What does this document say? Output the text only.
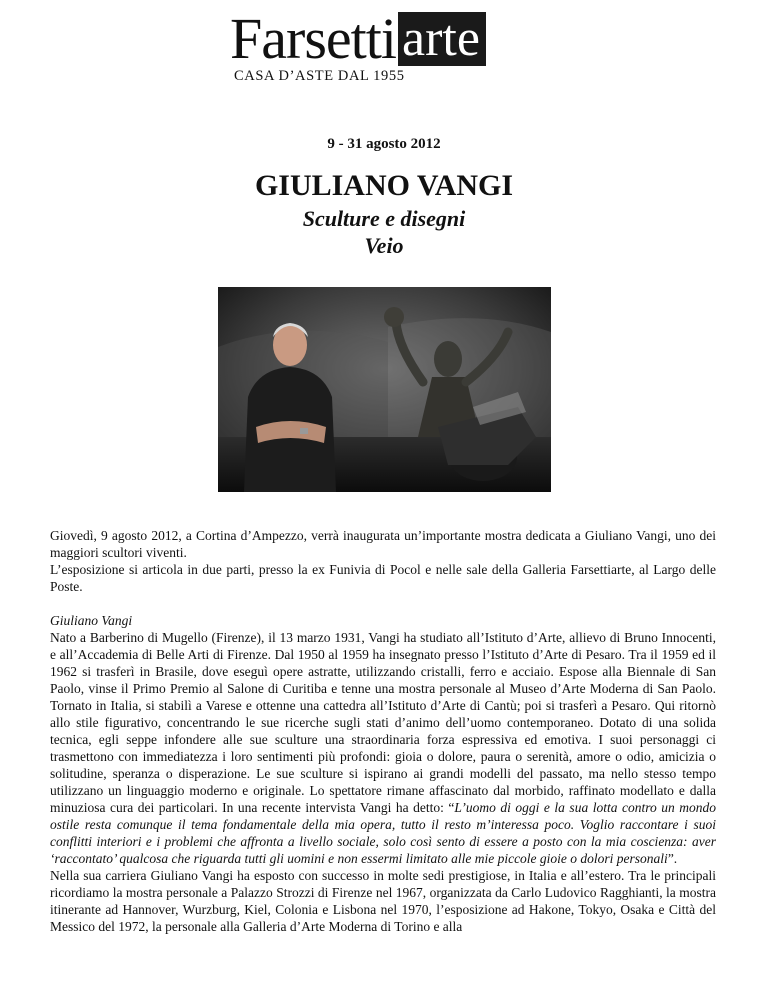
Farsetti arte
CASA D’ASTE DAL 1955
9 - 31 agosto 2012
GIULIANO VANGI
Sculture e disegni
Veio

Giovedì, 9 agosto 2012, a Cortina d’Ampezzo, verrà inaugurata un’importante mostra dedicata a Giuliano Vangi, uno dei maggiori scultori viventi.

L’esposizione si articola in due parti, presso la ex Funivia di Pocol e nelle sale della Galleria Farsettiarte, al Largo delle Poste.

Giuliano Vangi

Nato a Barberino di Mugello (Firenze), il 13 marzo 1931, Vangi ha studiato all’Istituto d’Arte, allievo di Bruno Innocenti, e all’Accademia di Belle Arti di Firenze. Dal 1950 al 1959 ha insegnato presso l’Istituto d’Arte di Pesaro. Tra il 1959 ed il 1962 si trasferì in Brasile, dove eseguì opere astratte, utilizzando cristalli, ferro e acciaio. Espose alla Biennale di San Paolo, vinse il Primo Premio al Salone di Curitiba e tenne una mostra personale al Museo d’Arte Moderna di San Paolo. Tornato in Italia, si stabilì a Varese e ottenne una cattedra all’Istituto d’Arte di Cantù; poi si trasferì a Pesaro. Qui ritornò allo stile figurativo, concentrando le sue ricerche sugli stati d’animo dell’uomo contemporaneo. Dotato di una solida tecnica, egli seppe infondere alle sue sculture una straordinaria forza espressiva ed emotiva. I suoi personaggi ci trasmettono con immediatezza i loro sentimenti più profondi: gioia o dolore, paura o serenità, amore o odio, amicizia o solitudine, speranza o disperazione. Le sue sculture si ispirano ai grandi modelli del passato, ma nello stesso tempo utilizzano un linguaggio moderno e originale. Lo spettatore rimane affascinato dal morbido, raffinato modellato e dalla minuziosa cura dei particolari. In una recente intervista Vangi ha detto: “L’uomo di oggi e la sua lotta contro un mondo ostile resta comunque il tema fondamentale della mia opera, tutto il resto m’interessa poco. Voglio raccontare i suoi conflitti interiori e i problemi che affronta a livello sociale, solo così sento di essere a posto con la mia coscienza: aver ‘raccontato’ qualcosa che riguarda tutti gli uomini e non essermi limitato alle mie piccole gioie o dolori personali”.

Nella sua carriera Giuliano Vangi ha esposto con successo in molte sedi prestigiose, in Italia e all’estero. Tra le principali ricordiamo la mostra personale a Palazzo Strozzi di Firenze nel 1967, organizzata da Carlo Ludovico Ragghianti, la mostra itinerante ad Hannover, Wurzburg, Kiel, Colonia e Lisbona nel 1970, l’esposizione ad Hakone, Tokyo, Osaka e Città del Messico del 1972, la personale alla Galleria d’Arte Moderna di Torino e alla
